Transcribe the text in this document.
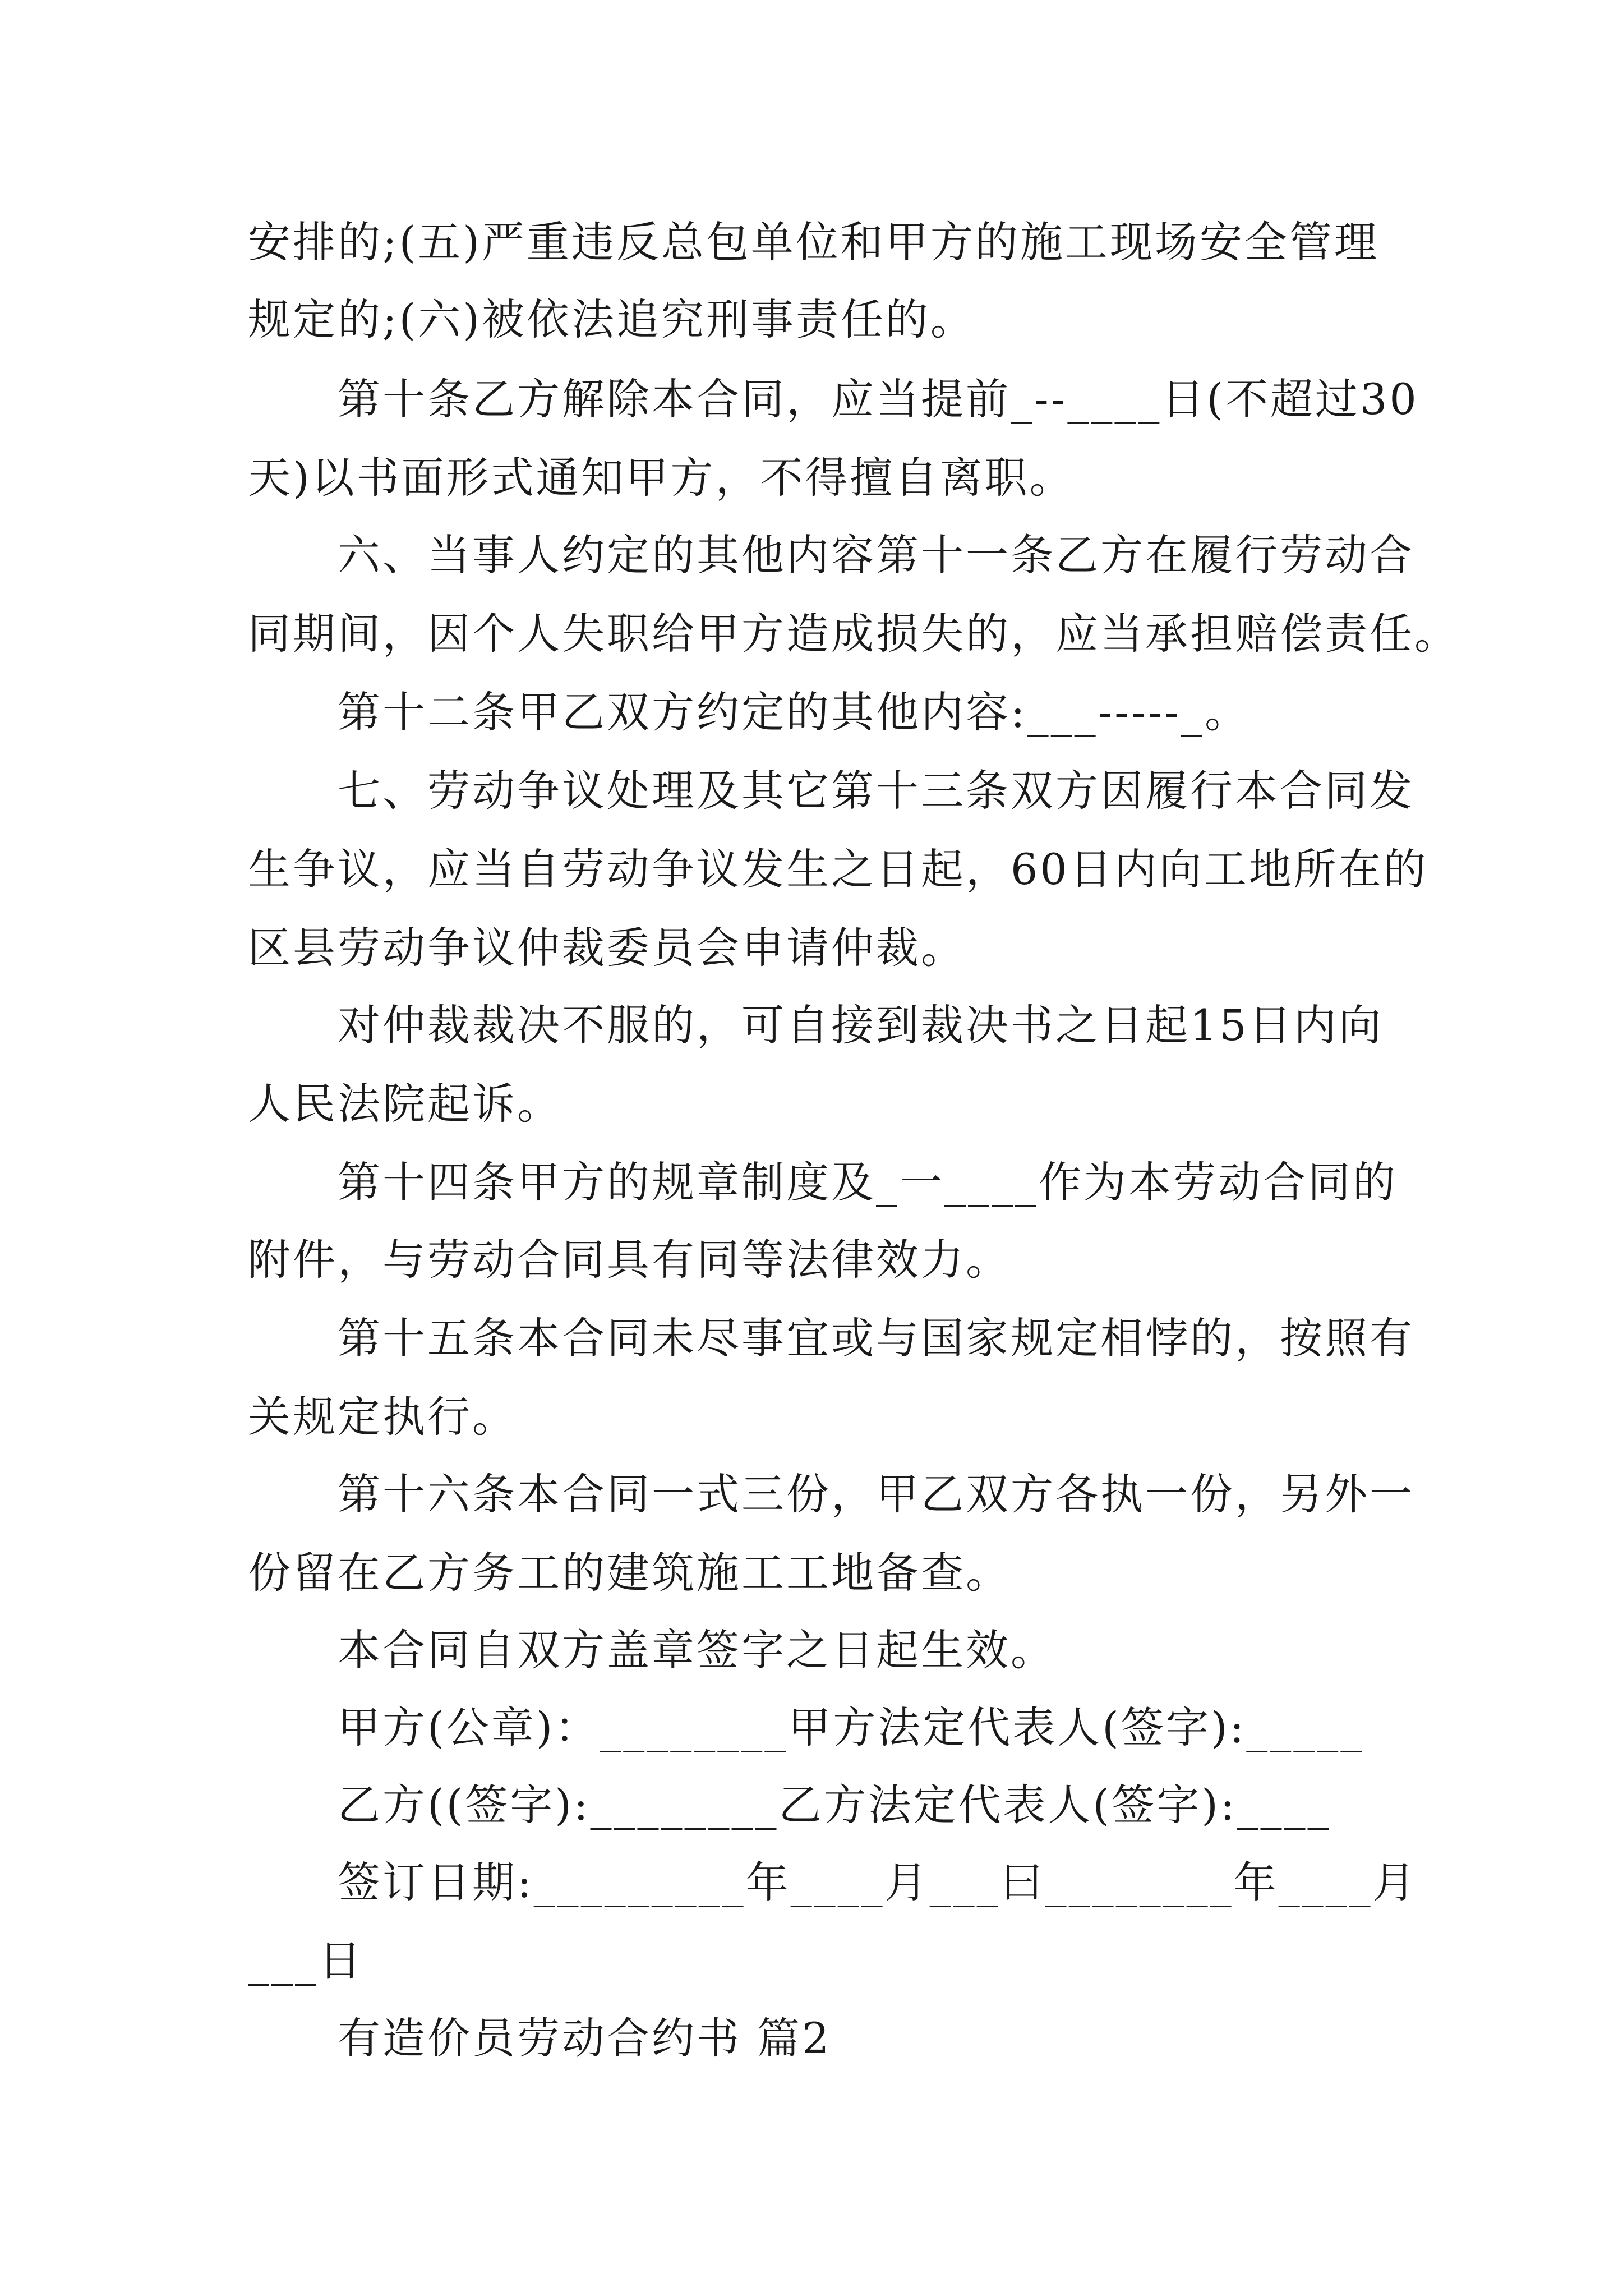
安排的;(五)严重违反总包单位和甲方的施工现场安全管理

规定的;(六)被依法追究刑事责任的。

第十条乙方解除本合同，应当提前_--____日(不超过30

天)以书面形式通知甲方，不得擅自离职。

六、当事人约定的其他内容第十一条乙方在履行劳动合

同期间，因个人失职给甲方造成损失的，应当承担赔偿责任。

第十二条甲乙双方约定的其他内容:___-----_。

七、劳动争议处理及其它第十三条双方因履行本合同发

生争议，应当自劳动争议发生之日起，60日内向工地所在的

区县劳动争议仲裁委员会申请仲裁。

对仲裁裁决不服的，可自接到裁决书之日起15日内向

人民法院起诉。

第十四条甲方的规章制度及_一____作为本劳动合同的

附件，与劳动合同具有同等法律效力。

第十五条本合同未尽事宜或与国家规定相悖的，按照有

关规定执行。

第十六条本合同一式三份，甲乙双方各执一份，另外一

份留在乙方务工的建筑施工工地备查。

本合同自双方盖章签字之日起生效。

甲方(公章)：________甲方法定代表人(签字):_____

乙方((签字):________乙方法定代表人(签字):____

签订日期:_________年____月___曰________年____月

___日

有造价员劳动合约书 篇2
